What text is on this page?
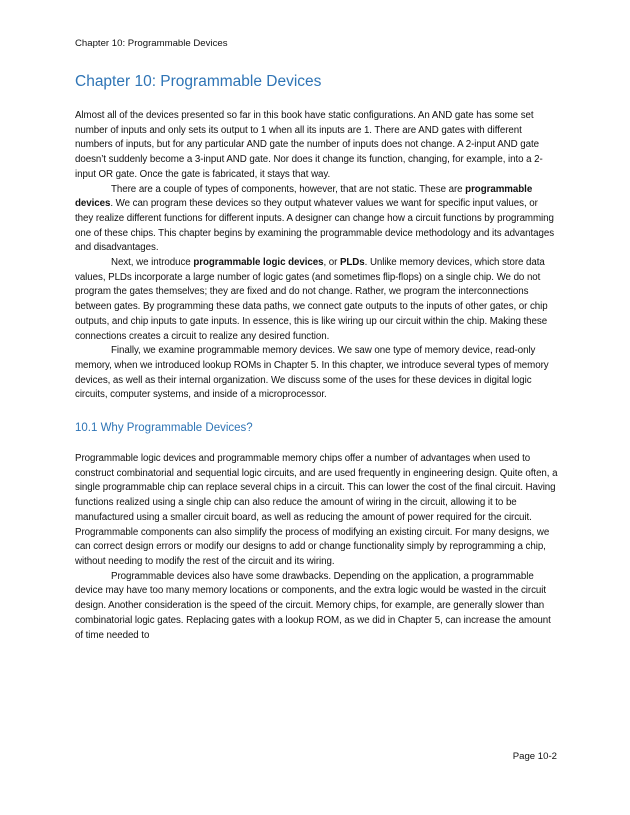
Chapter 10: Programmable Devices
Chapter 10: Programmable Devices

Almost all of the devices presented so far in this book have static configurations. An AND gate has some set number of inputs and only sets its output to 1 when all its inputs are 1. There are AND gates with different numbers of inputs, but for any particular AND gate the number of inputs does not change. A 2-input AND gate doesn’t suddenly become a 3-input AND gate. Nor does it change its function, changing, for example, into a 2-input OR gate. Once the gate is fabricated, it stays that way.

There are a couple of types of components, however, that are not static. These are programmable devices. We can program these devices so they output whatever values we want for specific input values, or they realize different functions for different inputs. A designer can change how a circuit functions by programming one of these chips. This chapter begins by examining the programmable device methodology and its advantages and disadvantages.

Next, we introduce programmable logic devices, or PLDs. Unlike memory devices, which store data values, PLDs incorporate a large number of logic gates (and sometimes flip-flops) on a single chip. We do not program the gates themselves; they are fixed and do not change. Rather, we program the interconnections between gates. By programming these data paths, we connect gate outputs to the inputs of other gates, or chip outputs, and chip inputs to gate inputs. In essence, this is like wiring up our circuit within the chip. Making these connections creates a circuit to realize any desired function.

Finally, we examine programmable memory devices. We saw one type of memory device, read-only memory, when we introduced lookup ROMs in Chapter 5. In this chapter, we introduce several types of memory devices, as well as their internal organization. We discuss some of the uses for these devices in digital logic circuits, computer systems, and inside of a microprocessor.

10.1 Why Programmable Devices?

Programmable logic devices and programmable memory chips offer a number of advantages when used to construct combinatorial and sequential logic circuits, and are used frequently in engineering design. Quite often, a single programmable chip can replace several chips in a circuit. This can lower the cost of the final circuit. Having functions realized using a single chip can also reduce the amount of wiring in the circuit, allowing it to be manufactured using a smaller circuit board, as well as reducing the amount of power required for the circuit. Programmable components can also simplify the process of modifying an existing circuit. For many designs, we can correct design errors or modify our designs to add or change functionality simply by reprogramming a chip, without needing to modify the rest of the circuit and its wiring.

Programmable devices also have some drawbacks. Depending on the application, a programmable device may have too many memory locations or components, and the extra logic would be wasted in the circuit design. Another consideration is the speed of the circuit. Memory chips, for example, are generally slower than combinatorial logic gates. Replacing gates with a lookup ROM, as we did in Chapter 5, can increase the amount of time needed to

Page 10-2
